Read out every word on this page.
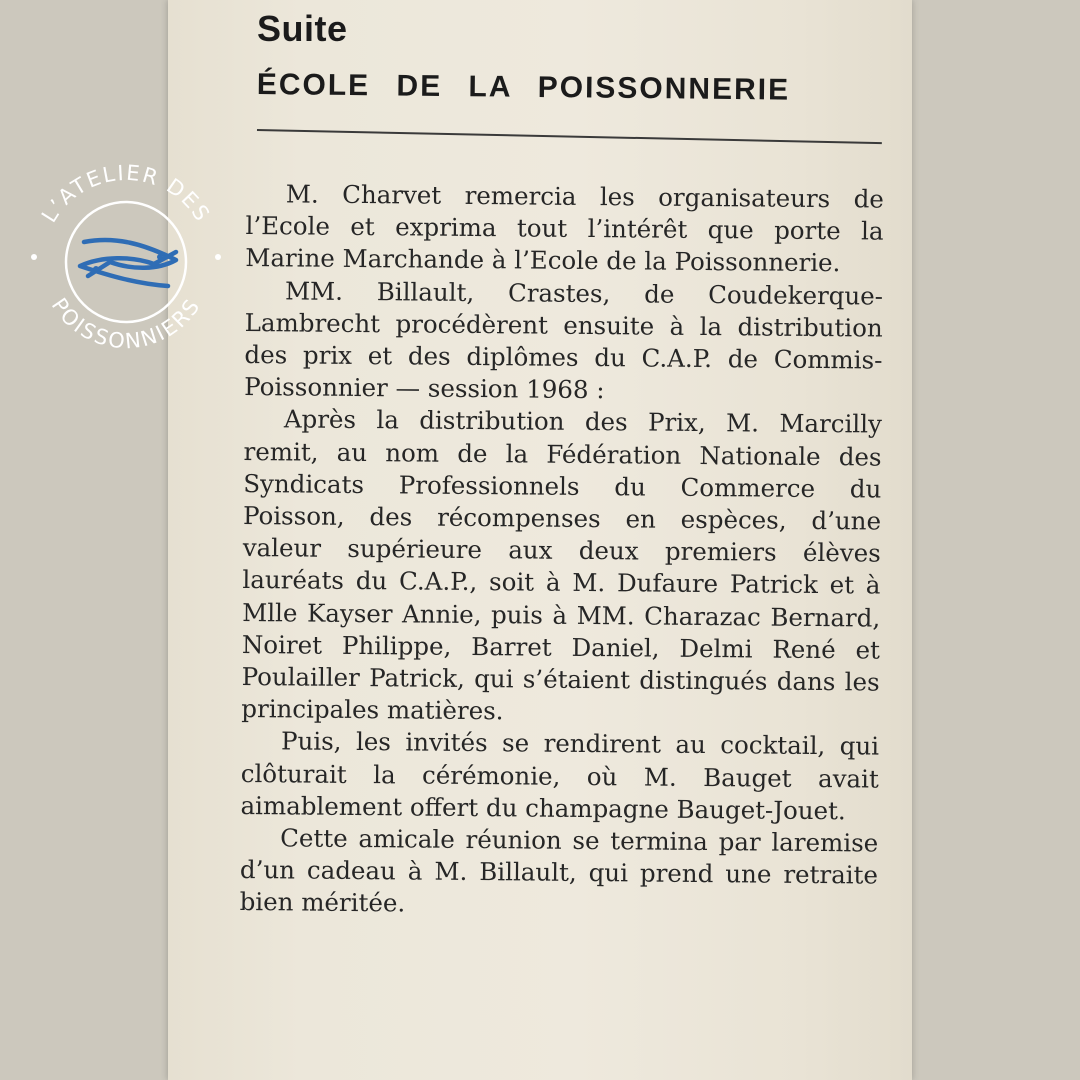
Suite
ÉCOLE DE LA POISSONNERIE

M. Charvet remercia les organisateurs de l’Ecole et exprima tout l’intérêt que porte la Marine Marchande à l’Ecole de la Poissonnerie.

MM. Billault, Crastes, de Coudekerque-Lambrecht procédèrent ensuite à la distribution des prix et des diplômes du C.A.P. de Commis-Poissonnier — session 1968 :

Après la distribution des Prix, M. Marcilly remit, au nom de la Fédération Nationale des Syndicats Professionnels du Commerce du Poisson, des récompenses en espèces, d’une valeur supérieure aux deux premiers élèves lauréats du C.A.P., soit à M. Dufaure Patrick et à Mlle Kayser Annie, puis à MM. Charazac Bernard, Noiret Philippe, Barret Daniel, Delmi René et Poulailler Patrick, qui s’étaient distingués dans les principales matières.

Puis, les invités se rendirent au cocktail, qui clôturait la cérémonie, où M. Bauget avait aimablement offert du champagne Bauget-Jouet.

Cette amicale réunion se termina par laremise d’un cadeau à M. Billault, qui prend une retraite bien méritée.

L’ATELIER DES
POISSONNIERS
